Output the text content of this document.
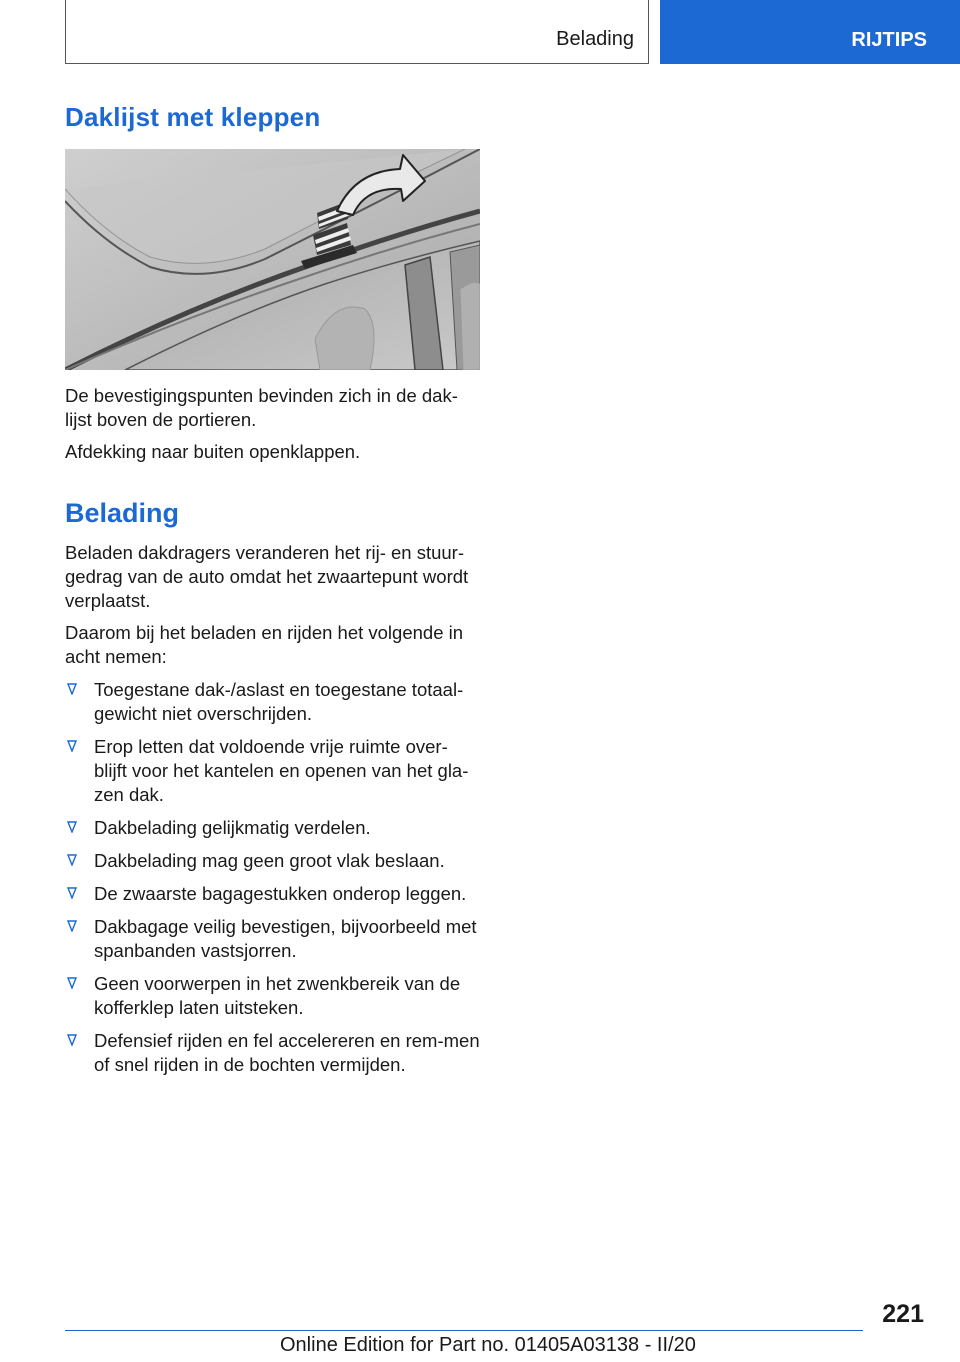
Belading	RIJTIPS
Daklijst met kleppen

De bevestigingspunten bevinden zich in de dak-lijst boven de portieren.

Afdekking naar buiten openklappen.

Belading

Beladen dakdragers veranderen het rij- en stuur-gedrag van de auto omdat het zwaartepunt wordt verplaatst.

Daarom bij het beladen en rijden het volgende in acht nemen:

Toegestane dak-/aslast en toegestane totaal-gewicht niet overschrijden.
Erop letten dat voldoende vrije ruimte over-blijft voor het kantelen en openen van het gla-zen dak.
Dakbelading gelijkmatig verdelen.
Dakbelading mag geen groot vlak beslaan.
De zwaarste bagagestukken onderop leggen.
Dakbagage veilig bevestigen, bijvoorbeeld met spanbanden vastsjorren.
Geen voorwerpen in het zwenkbereik van de kofferklep laten uitsteken.
Defensief rijden en fel accelereren en rem-men of snel rijden in de bochten vermijden.
221
Online Edition for Part no. 01405A03138 - II/20
